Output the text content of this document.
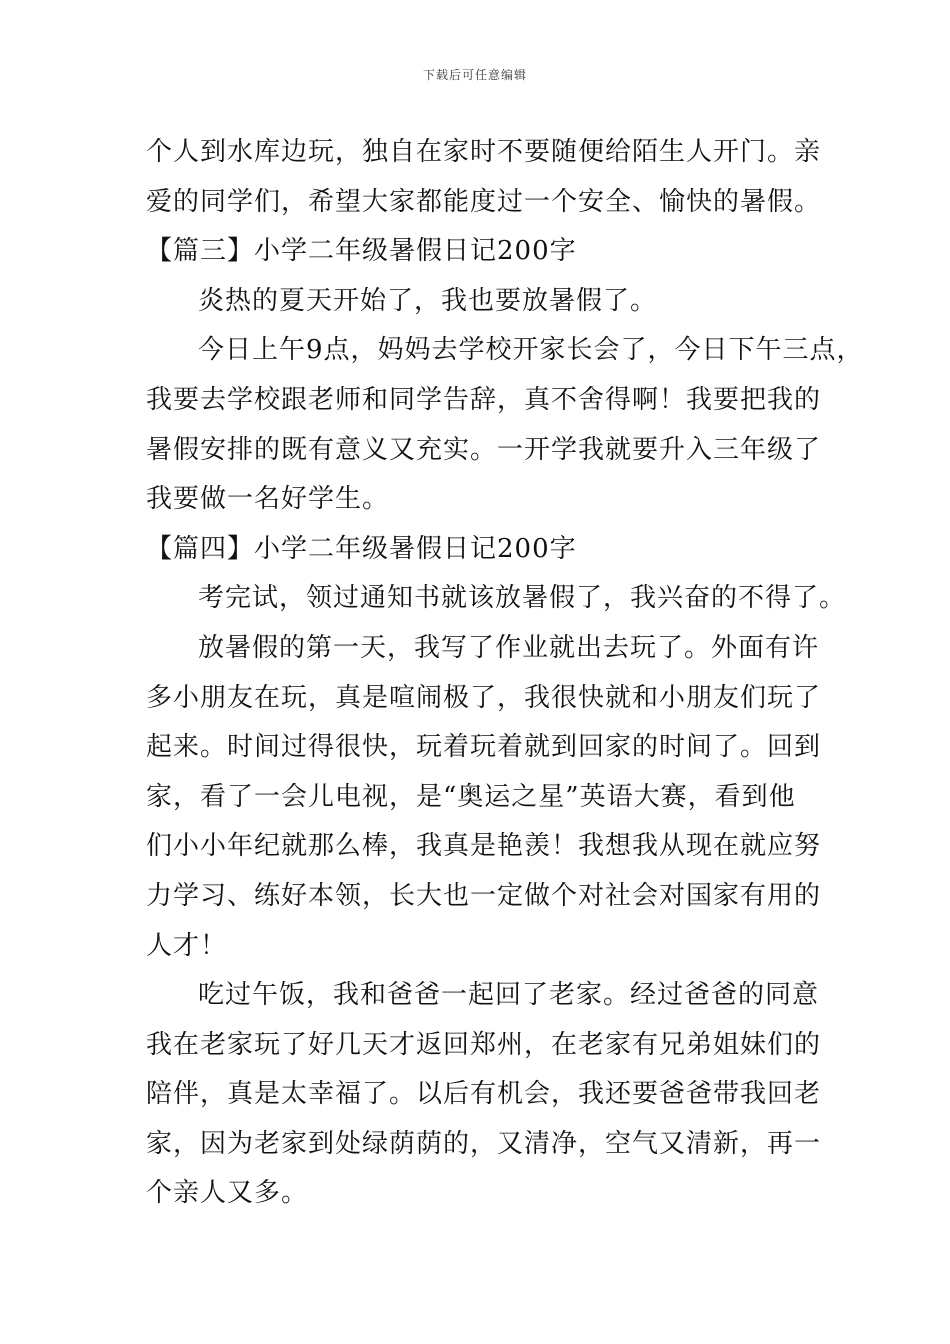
下载后可任意编辑
个人到水库边玩，独自在家时不要随便给陌生人开门。亲
爱的同学们，希望大家都能度过一个安全、愉快的暑假。
【篇三】小学二年级暑假日记200字
炎热的夏天开始了，我也要放暑假了。
今日上午9点，妈妈去学校开家长会了，今日下午三点，
我要去学校跟老师和同学告辞，真不舍得啊！我要把我的
暑假安排的既有意义又充实。一开学我就要升入三年级了
我要做一名好学生。
【篇四】小学二年级暑假日记200字
考完试，领过通知书就该放暑假了，我兴奋的不得了。
放暑假的第一天，我写了作业就出去玩了。外面有许
多小朋友在玩，真是喧闹极了，我很快就和小朋友们玩了
起来。时间过得很快，玩着玩着就到回家的时间了。回到
家，看了一会儿电视，是“奥运之星”英语大赛，看到他
们小小年纪就那么棒，我真是艳羡！我想我从现在就应努
力学习、练好本领，长大也一定做个对社会对国家有用的
人才！
吃过午饭，我和爸爸一起回了老家。经过爸爸的同意
我在老家玩了好几天才返回郑州，在老家有兄弟姐妹们的
陪伴，真是太幸福了。以后有机会，我还要爸爸带我回老
家，因为老家到处绿荫荫的，又清净，空气又清新，再一
个亲人又多。
